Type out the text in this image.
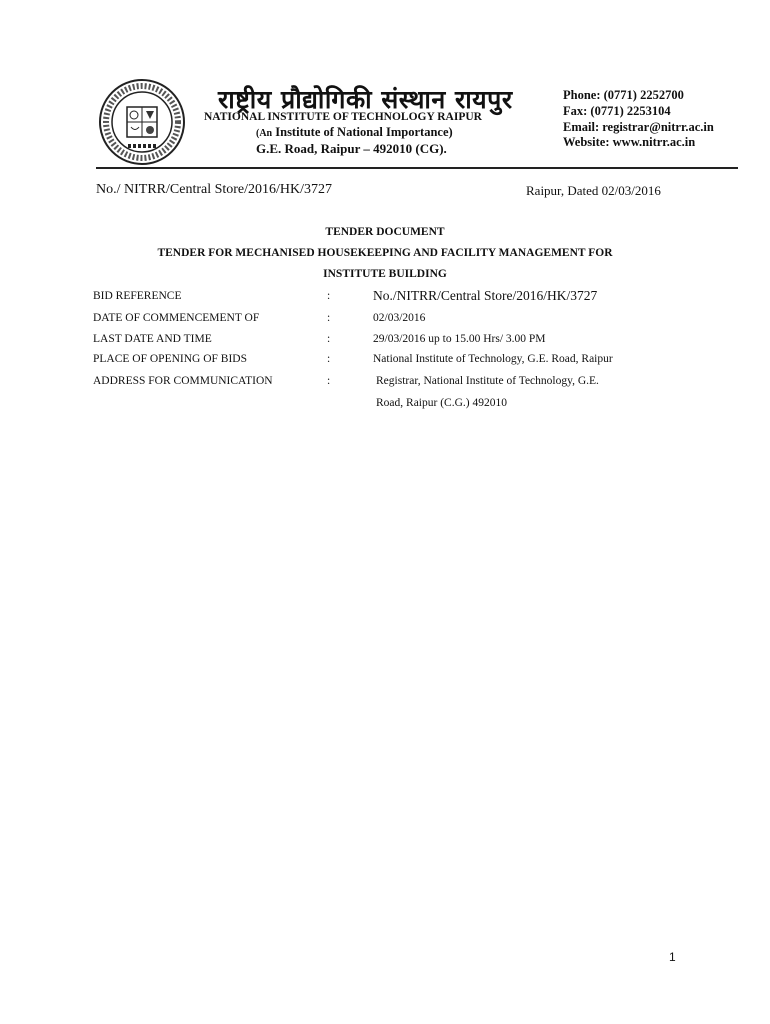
राष्ट्रीय प्रौद्योगिकी संस्थान रायपुर
NATIONAL INSTITUTE OF TECHNOLOGY RAIPUR
(An Institute of National Importance)
G.E. Road, Raipur – 492010 (CG).
Phone: (0771) 2252700
Fax: (0771) 2253104
Email: registrar@nitrr.ac.in
Website: www.nitrr.ac.in
No./ NITRR/Central Store/2016/HK/3727	Raipur, Dated 02/03/2016
TENDER DOCUMENT
TENDER FOR MECHANISED HOUSEKEEPING AND FACILITY MANAGEMENT FOR
INSTITUTE BUILDING
BID REFERENCE	:	No./NITRR/Central Store/2016/HK/3727
DATE OF COMMENCEMENT OF	:	02/03/2016
LAST DATE AND TIME	:	29/03/2016 up to 15.00 Hrs/ 3.00 PM
PLACE OF OPENING OF BIDS	:	National Institute of Technology, G.E. Road, Raipur
ADDRESS FOR COMMUNICATION	:	Registrar, National Institute of Technology, G.E.
Road, Raipur (C.G.) 492010
1
